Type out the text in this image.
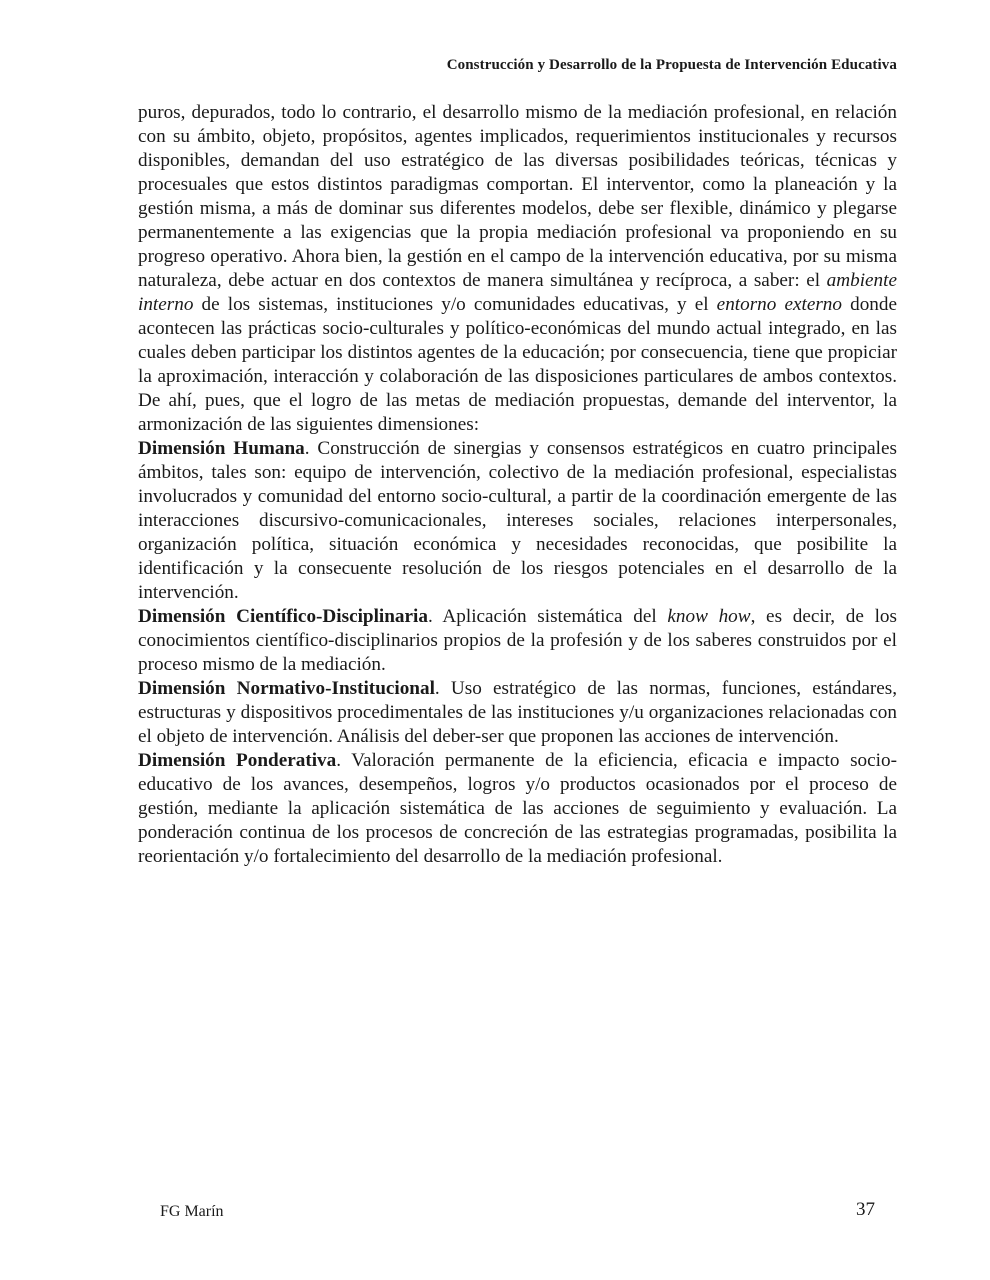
Construcción y Desarrollo de la Propuesta de Intervención Educativa

puros, depurados, todo lo contrario, el desarrollo mismo de la mediación profesional, en relación con su ámbito, objeto, propósitos, agentes implicados, requerimientos institucionales y recursos disponibles, demandan del uso estratégico de las diversas posibilidades teóricas, técnicas y procesuales que estos distintos paradigmas comportan. El interventor, como la planeación y la gestión misma, a más de dominar sus diferentes modelos, debe ser flexible, dinámico y plegarse permanentemente a las exigencias que la propia mediación profesional va proponiendo en su progreso operativo. Ahora bien, la gestión en el campo de la intervención educativa, por su misma naturaleza, debe actuar en dos contextos de manera simultánea y recíproca, a saber: el ambiente interno de los sistemas, instituciones y/o comunidades educativas, y el entorno externo donde acontecen las prácticas socio-culturales y político-económicas del mundo actual integrado, en las cuales deben participar los distintos agentes de la educación; por consecuencia, tiene que propiciar la aproximación, interacción y colaboración de las disposiciones particulares de ambos contextos. De ahí, pues, que el logro de las metas de mediación propuestas, demande del interventor, la armonización de las siguientes dimensiones:

Dimensión Humana. Construcción de sinergias y consensos estratégicos en cuatro principales ámbitos, tales son: equipo de intervención, colectivo de la mediación profesional, especialistas involucrados y comunidad del entorno socio-cultural, a partir de la coordinación emergente de las interacciones discursivo-comunicacionales, intereses sociales, relaciones interpersonales, organización política, situación económica y necesidades reconocidas, que posibilite la identificación y la consecuente resolución de los riesgos potenciales en el desarrollo de la intervención.

Dimensión Científico-Disciplinaria. Aplicación sistemática del know how, es decir, de los conocimientos científico-disciplinarios propios de la profesión y de los saberes construidos por el proceso mismo de la mediación.

Dimensión Normativo-Institucional. Uso estratégico de las normas, funciones, estándares, estructuras y dispositivos procedimentales de las instituciones y/u organizaciones relacionadas con el objeto de intervención. Análisis del deber-ser que proponen las acciones de intervención.

Dimensión Ponderativa. Valoración permanente de la eficiencia, eficacia e impacto socio-educativo de los avances, desempeños, logros y/o productos ocasionados por el proceso de gestión, mediante la aplicación sistemática de las acciones de seguimiento y evaluación. La ponderación continua de los procesos de concreción de las estrategias programadas, posibilita la reorientación y/o fortalecimiento del desarrollo de la mediación profesional.

FG Marín	37
